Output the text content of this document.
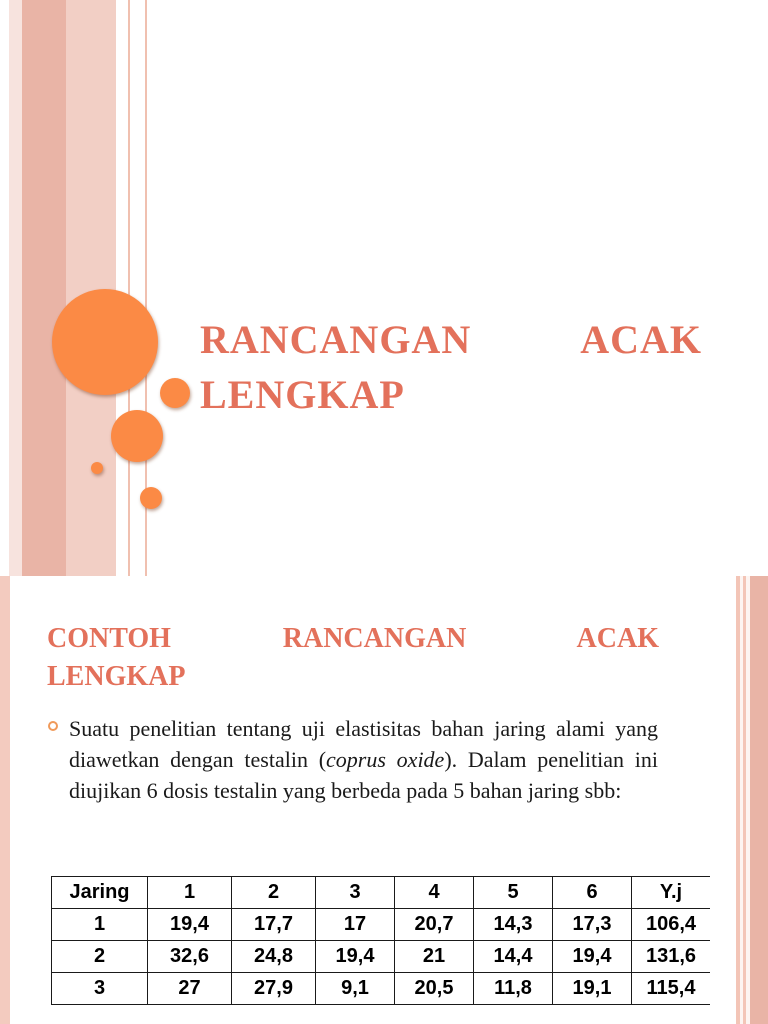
RANCANGAN ACAK
LENGKAP
CONTOH RANCANGAN ACAK
LENGKAP

Suatu penelitian tentang uji elastisitas bahan jaring alami yang diawetkan dengan testalin (coprus oxide). Dalam penelitian ini diujikan 6 dosis testalin yang berbeda pada 5 bahan jaring sbb:

Jaring	1	2	3	4	5	6	Y.j
1	19,4	17,7	17	20,7	14,3	17,3	106,4
2	32,6	24,8	19,4	21	14,4	19,4	131,6
3	27	27,9	9,1	20,5	11,8	19,1	115,4
